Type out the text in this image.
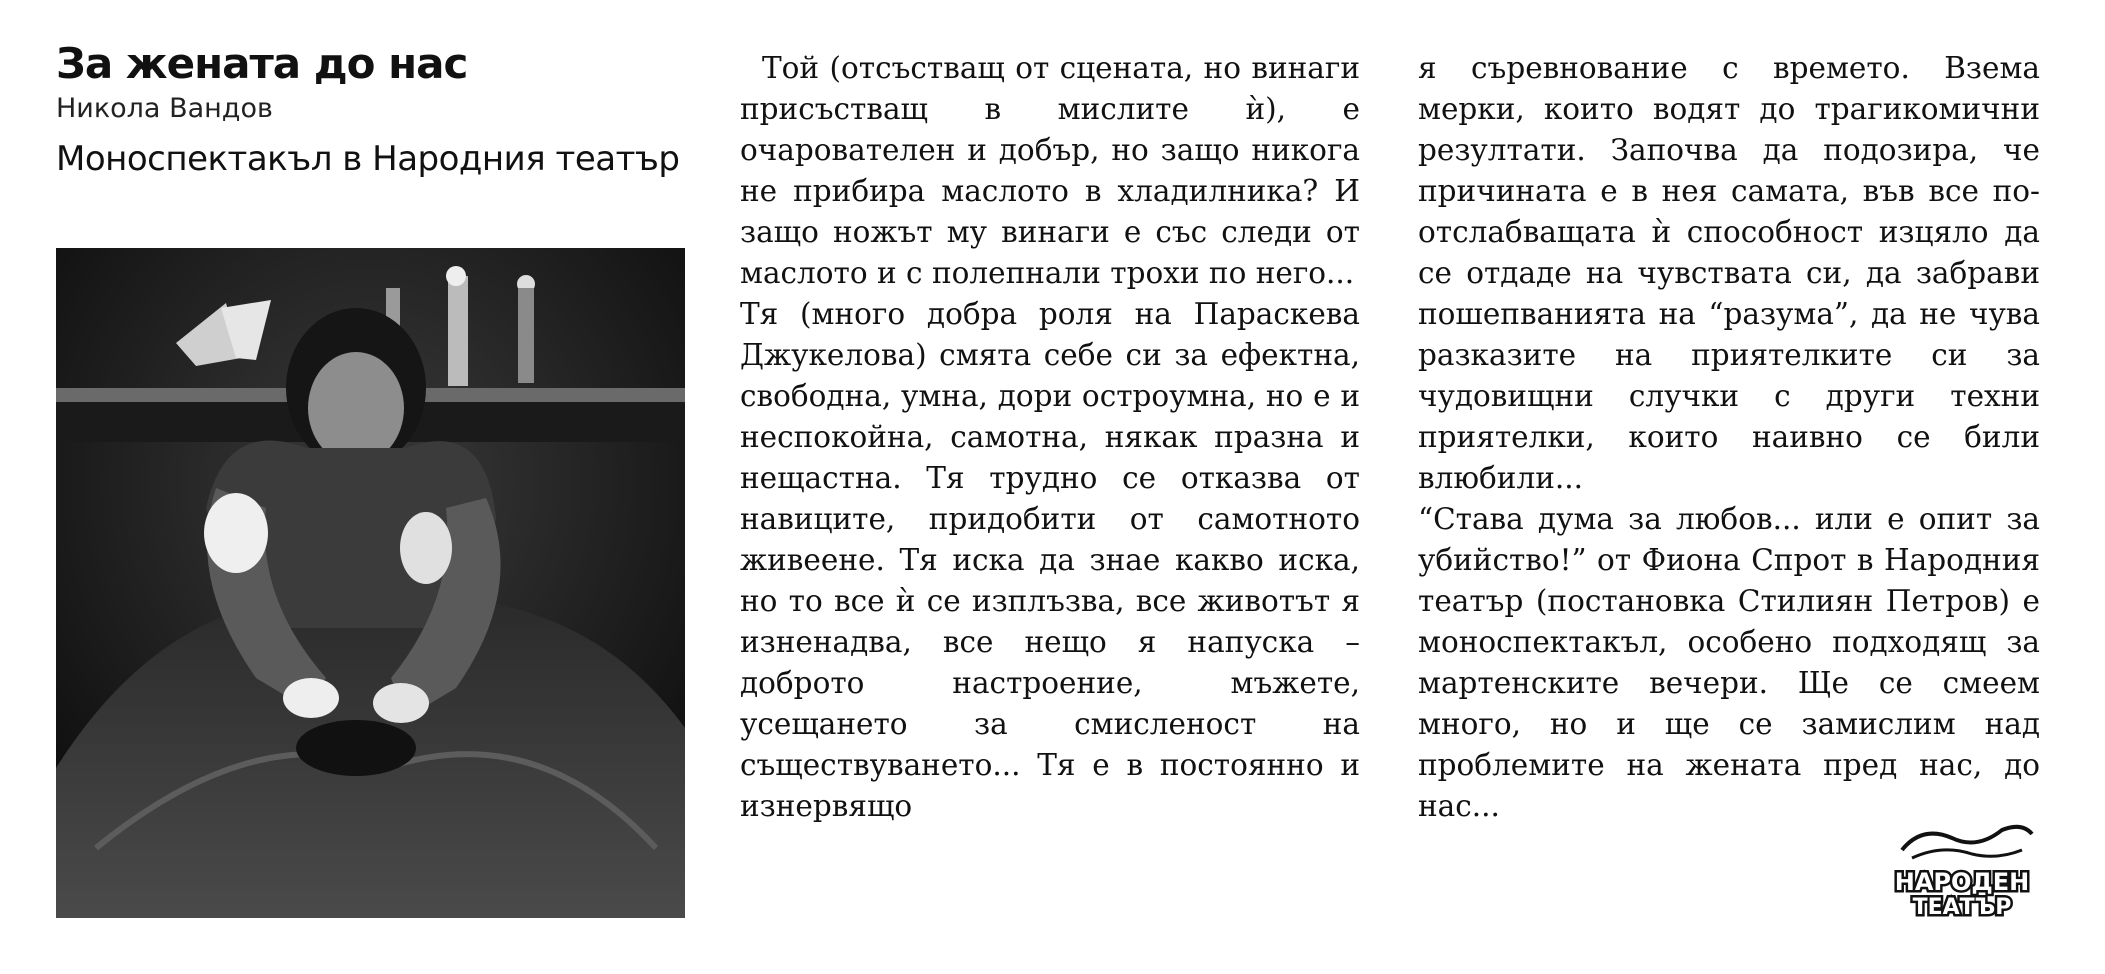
За жената до нас
Никола Вандов
Моноспектакъл в Народния театър

Той (отсъстващ от сцената, но винаги присъстващ в мислите ѝ), е очарователен и добър, но защо никога не прибира маслото в хладилника? И защо ножът му винаги е със следи от маслото и с полепнали трохи по него...

Тя (много добра роля на Параскева Джукелова) смята себе си за ефектна, свободна, умна, дори остроумна, но е и неспокойна, самотна, някак празна и нещастна. Тя трудно се отказва от навиците, придобити от самотното живеене. Тя иска да знае какво иска, но то все ѝ се изплъзва, все животът я изненадва, все нещо я напуска – доброто настроение, мъжете, усещането за смисленост на съществуването... Тя е в постоянно и изнервящо

я съревнование с времето. Взема мерки, които водят до трагикомични резултати. Започва да подозира, че причината е в нея самата, във все по-отслабващата ѝ способност изцяло да се отдаде на чувствата си, да забрави пошепванията на “разума”, да не чува разказите на приятелките си за чудовищни случки с други техни приятелки, които наивно се били влюбили...

“Става дума за любов... или е опит за убийство!” от Фиона Спрот в Народния театър (постановка Стилиян Петров) е моноспектакъл, особено подходящ за мартенските вечери. Ще се смеем много, но и ще се замислим над проблемите на жената пред нас, до нас...

НАРОДЕН
ТЕАТЪР
